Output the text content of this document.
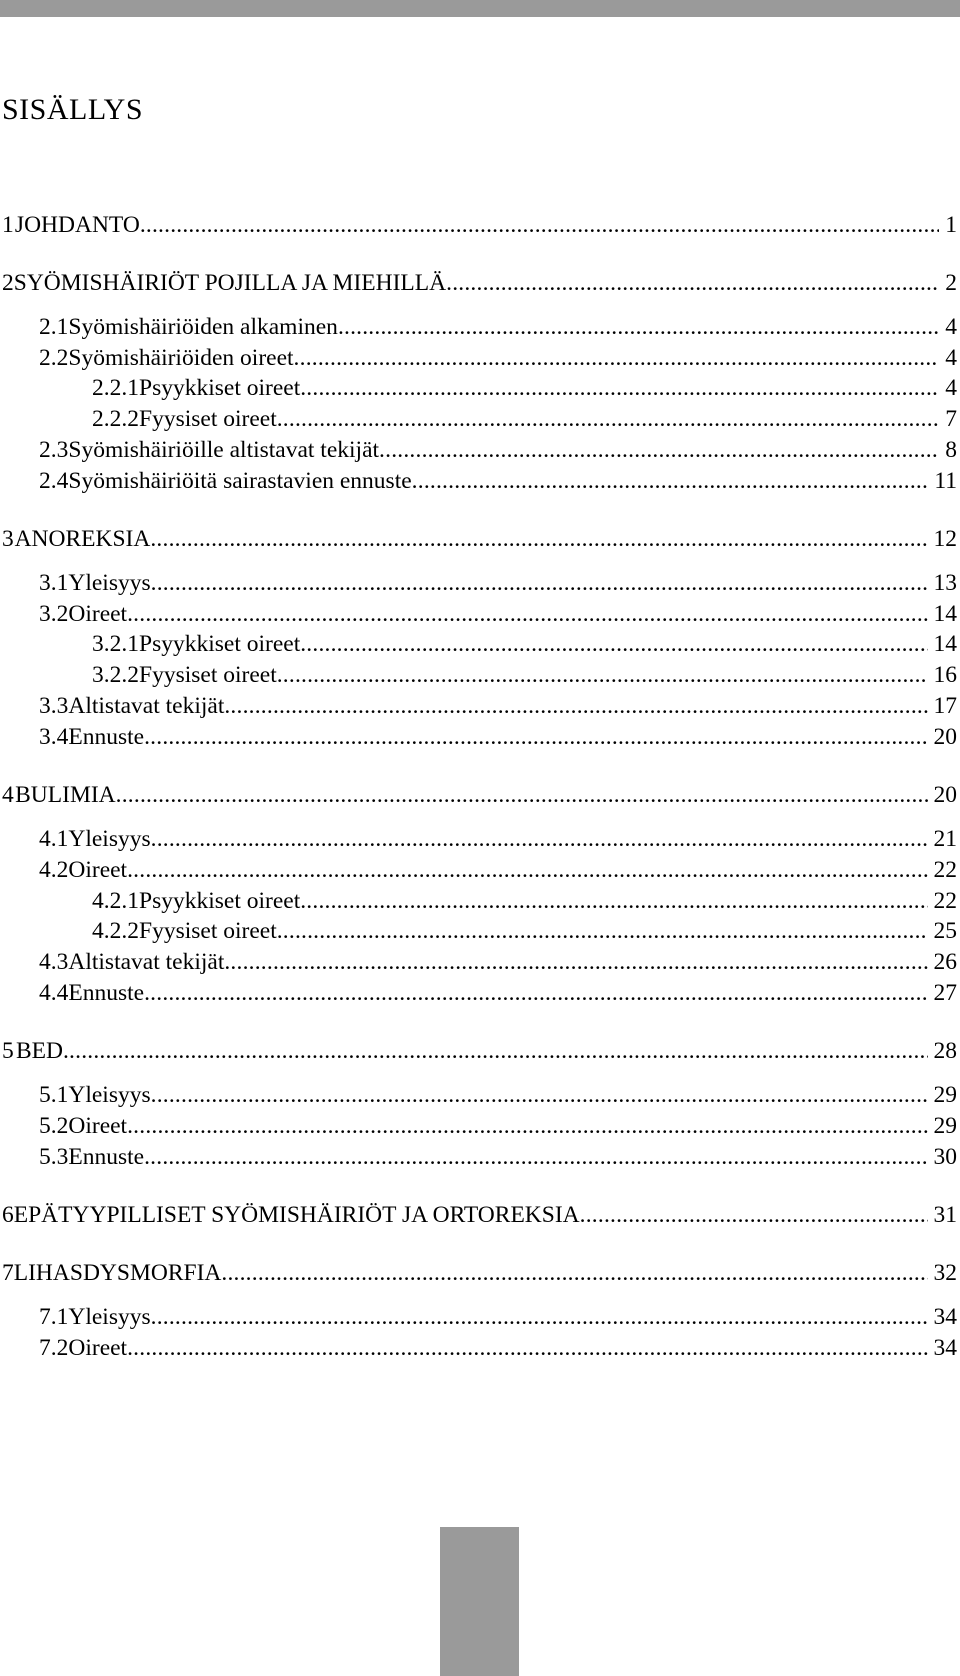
SISÄLLYS
1 JOHDANTO .....	1
2 SYÖMISHÄIRIÖT POJILLA JA MIEHILLÄ .....	2
2.1 Syömishäiriöiden alkaminen .....	4
2.2 Syömishäiriöiden oireet .....	4
2.2.1 Psyykkiset oireet .....	4
2.2.2 Fyysiset oireet .....	7
2.3 Syömishäiriöille altistavat tekijät .....	8
2.4 Syömishäiriöitä sairastavien ennuste .....	11
3 ANOREKSIA .....	12
3.1 Yleisyys .....	13
3.2 Oireet .....	14
3.2.1 Psyykkiset oireet .....	14
3.2.2 Fyysiset oireet .....	16
3.3 Altistavat tekijät .....	17
3.4 Ennuste .....	20
4 BULIMIA .....	20
4.1 Yleisyys .....	21
4.2 Oireet .....	22
4.2.1 Psyykkiset oireet .....	22
4.2.2 Fyysiset oireet .....	25
4.3 Altistavat tekijät .....	26
4.4 Ennuste .....	27
5 BED .....	28
5.1 Yleisyys .....	29
5.2 Oireet .....	29
5.3 Ennuste .....	30
6 EPÄTYYPILLISET SYÖMISHÄIRIÖT JA ORTOREKSIA .....	31
7 LIHASDYSMORFIA .....	32
7.1 Yleisyys .....	34
7.2 Oireet .....	34
